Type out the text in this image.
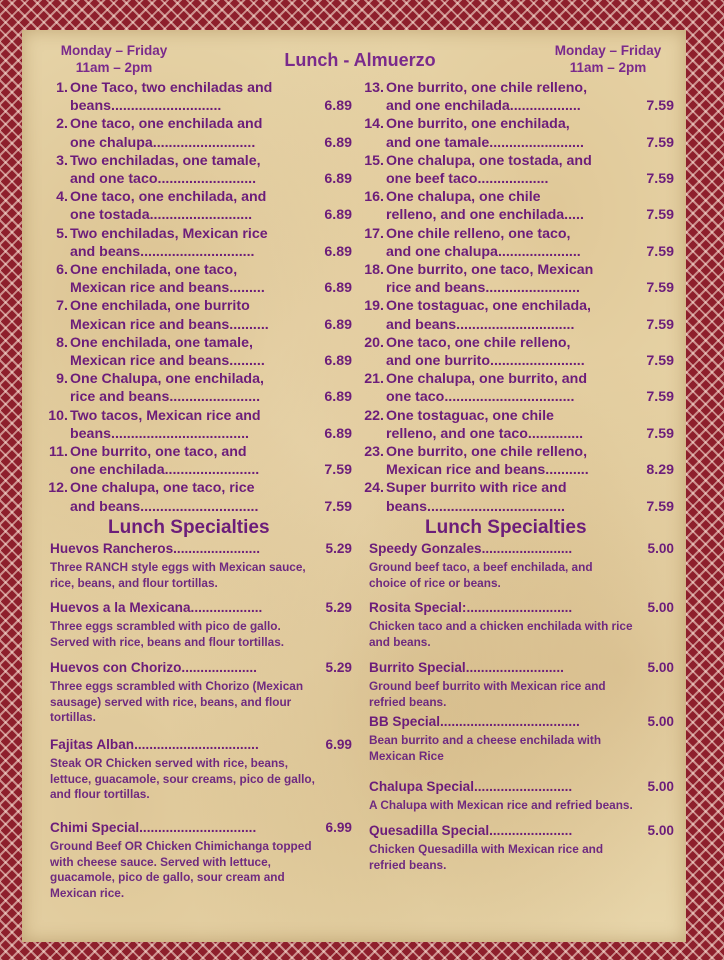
Monday – Friday
11am – 2pm	Lunch - Almuerzo	Monday – Friday
11am – 2pm
1. One Taco, two enchiladas and
beans............................	6.89
2. One taco, one enchilada and
one chalupa..........................	6.89
3. Two enchiladas, one tamale,
and one taco.........................	6.89
4. One taco, one enchilada, and
one tostada..........................	6.89
5. Two enchiladas, Mexican rice
and beans.............................	6.89
6. One enchilada, one taco,
Mexican rice and beans.........	6.89
7. One enchilada, one burrito
Mexican rice and beans..........	6.89
8. One enchilada, one tamale,
Mexican rice and beans.........	6.89
9. One Chalupa, one enchilada,
rice and beans.......................	6.89
10. Two tacos, Mexican rice and
beans...................................	6.89
11. One burrito, one taco, and
one enchilada........................	7.59
12. One chalupa, one taco, rice
and beans..............................	7.59
13. One burrito, one chile relleno,
and one enchilada..................	7.59
14. One burrito, one enchilada,
and one tamale........................	7.59
15. One chalupa, one tostada, and
one beef taco..................	7.59
16. One chalupa, one chile
relleno, and one enchilada.....	7.59
17. One chile relleno, one taco,
and one chalupa.....................	7.59
18. One burrito, one taco, Mexican
rice and beans........................	7.59
19. One tostaguac, one enchilada,
and beans..............................	7.59
20. One taco, one chile relleno,
and one burrito........................	7.59
21. One chalupa, one burrito, and
one taco.................................	7.59
22. One tostaguac, one chile
relleno, and one taco..............	7.59
23. One burrito, one chile relleno,
Mexican rice and beans...........	8.29
24. Super burrito with rice and
beans...................................	7.59
Lunch Specialties	Lunch Specialties
Huevos Rancheros.......................	5.29
Three RANCH style eggs with Mexican sauce,
rice, beans, and flour tortillas.
Huevos a la Mexicana...................	5.29
Three eggs scrambled with pico de gallo.
Served with rice, beans and flour tortillas.
Huevos con Chorizo....................	5.29
Three eggs scrambled with Chorizo (Mexican
sausage) served with rice, beans, and flour
tortillas.
Fajitas Alban.................................	6.99
Steak OR Chicken served with rice, beans,
lettuce, guacamole, sour creams, pico de gallo,
and flour tortillas.
Chimi Special...............................	6.99
Ground Beef OR Chicken Chimichanga topped
with cheese sauce. Served with lettuce,
guacamole, pico de gallo, sour cream and
Mexican rice.
Speedy Gonzales........................	5.00
Ground beef taco, a beef enchilada, and
choice of rice or beans.
Rosita Special:............................	5.00
Chicken taco and a chicken enchilada with rice
and beans.
Burrito Special..........................	5.00
Ground beef burrito with Mexican rice and
refried beans.
BB Special.....................................	5.00
Bean burrito and a cheese enchilada with
Mexican Rice
Chalupa Special..........................	5.00
A Chalupa with Mexican rice and refried beans.
Quesadilla Special......................	5.00
Chicken Quesadilla with Mexican rice and
refried beans.
